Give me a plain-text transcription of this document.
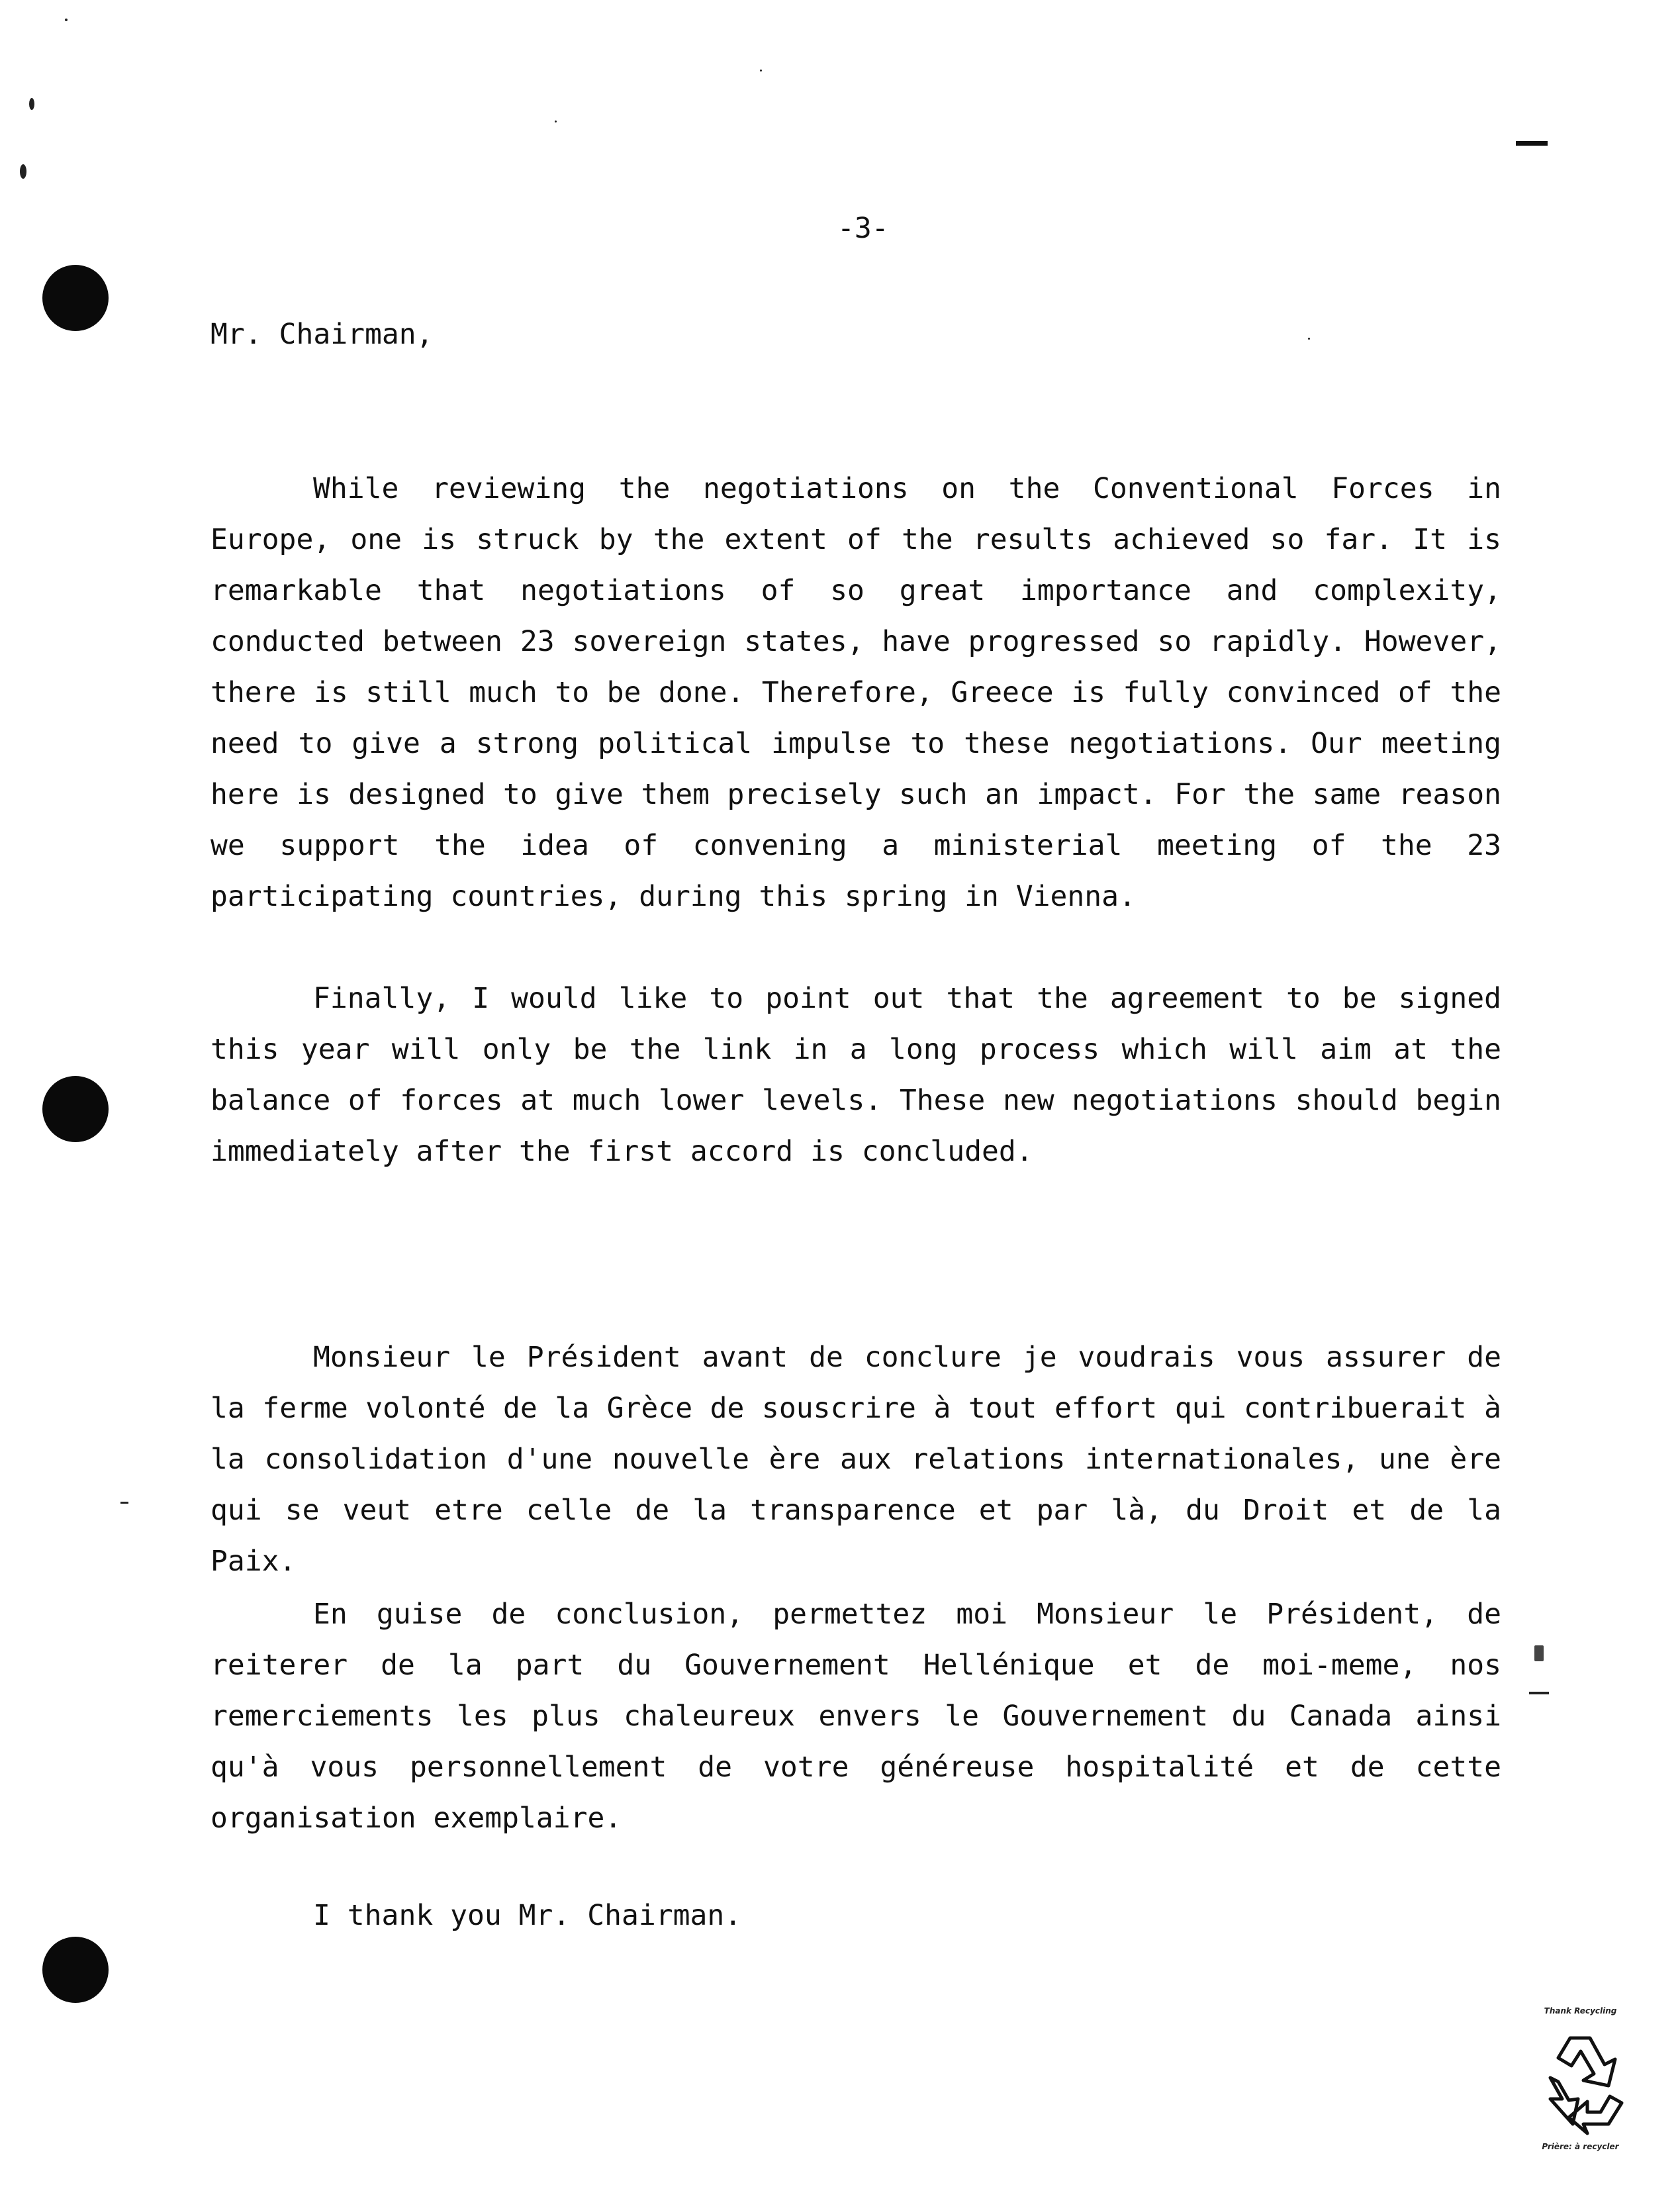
-3-
Mr. Chairman,

While reviewing the negotiations on the Conventional Forces in Europe, one is struck by the extent of the results achieved so far. It is remarkable that negotiations of so great importance and complexity, conducted between 23 sovereign states, have progressed so rapidly. However, there is still much to be done. Therefore, Greece is fully convinced of the need to give a strong political impulse to these negotiations. Our meeting here is designed to give them precisely such an impact. For the same reason we support the idea of convening a ministerial meeting of the 23 participating countries, during this spring in Vienna.

Finally, I would like to point out that the agreement to be signed this year will only be the link in a long process which will aim at the balance of forces at much lower levels. These new negotiations should begin immediately after the first accord is concluded.

Monsieur le Président avant de conclure je voudrais vous assurer de la ferme volonté de la Grèce de souscrire à tout effort qui contribuerait à la consolidation d'une nouvelle ère aux relations internationales, une ère qui se veut etre celle de la transparence et par là, du Droit et de la Paix.

En guise de conclusion, permettez moi Monsieur le Président, de reiterer de la part du Gouvernement Hellénique et de moi-meme, nos remerciements les plus chaleureux envers le Gouvernement du Canada ainsi qu'à vous personnellement de votre généreuse hospitalité et de cette organisation exemplaire.

I thank you Mr. Chairman.

Thank Recycling
Prière: à recycler
